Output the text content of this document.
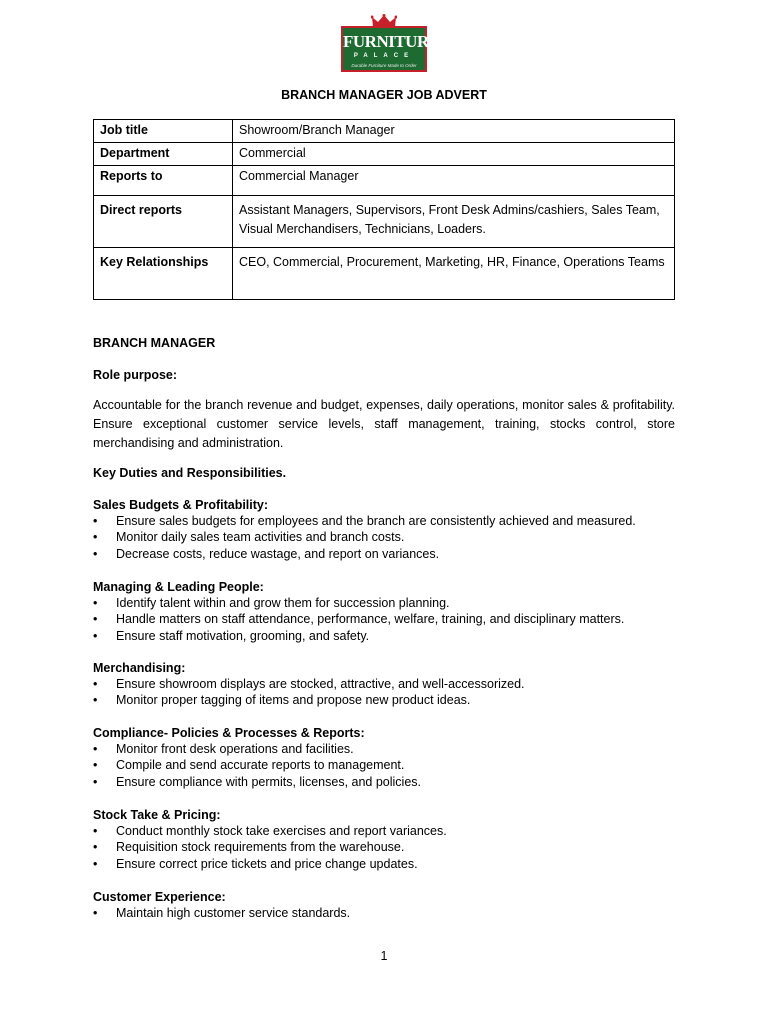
FURNITURE
PALACE
Durable Furniture Made to Order
BRANCH MANAGER JOB ADVERT
Job title	Showroom/Branch Manager
Department	Commercial
Reports to	Commercial Manager
Direct reports	Assistant Managers, Supervisors, Front Desk Admins/cashiers, Sales Team, Visual Merchandisers, Technicians, Loaders.
Key Relationships	CEO, Commercial, Procurement, Marketing, HR, Finance, Operations Teams
BRANCH MANAGER
Role purpose:
Accountable for the branch revenue and budget, expenses, daily operations, monitor sales & profitability. Ensure exceptional customer service levels, staff management, training, stocks control, store merchandising and administration.
Key Duties and Responsibilities.
Sales Budgets & Profitability:
• Ensure sales budgets for employees and the branch are consistently achieved and measured.
• Monitor daily sales team activities and branch costs.
• Decrease costs, reduce wastage, and report on variances.
Managing & Leading People:
• Identify talent within and grow them for succession planning.
• Handle matters on staff attendance, performance, welfare, training, and disciplinary matters.
• Ensure staff motivation, grooming, and safety.
Merchandising:
• Ensure showroom displays are stocked, attractive, and well-accessorized.
• Monitor proper tagging of items and propose new product ideas.
Compliance- Policies & Processes & Reports:
• Monitor front desk operations and facilities.
• Compile and send accurate reports to management.
• Ensure compliance with permits, licenses, and policies.
Stock Take & Pricing:
• Conduct monthly stock take exercises and report variances.
• Requisition stock requirements from the warehouse.
• Ensure correct price tickets and price change updates.
Customer Experience:
• Maintain high customer service standards.
1
